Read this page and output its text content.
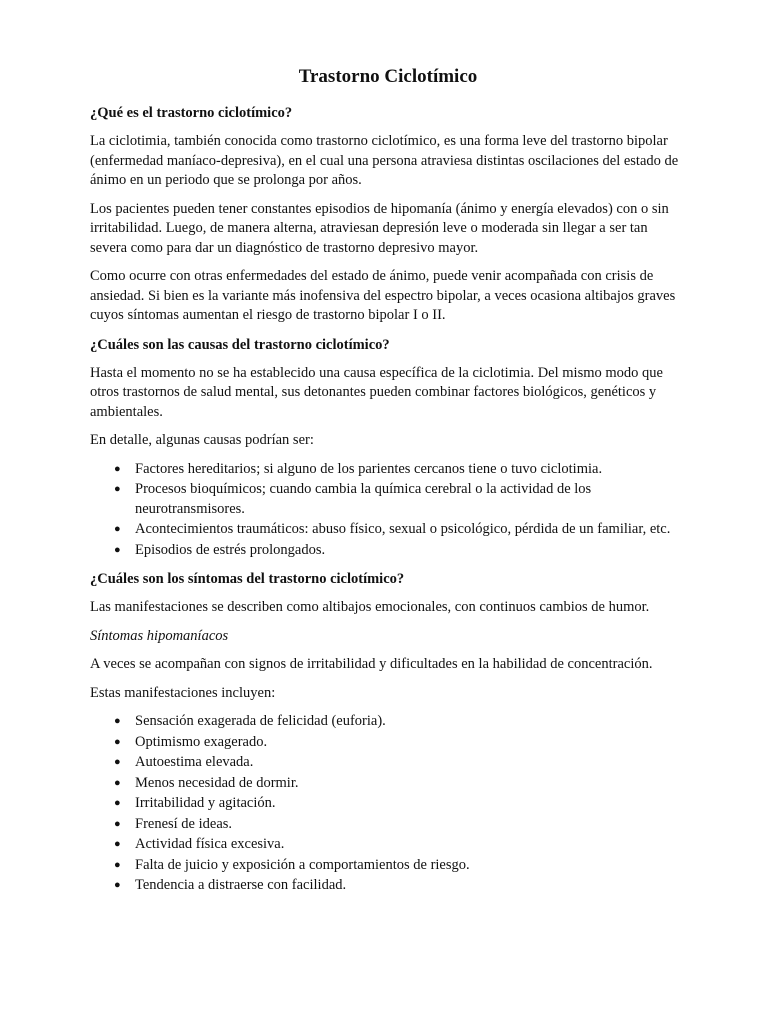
Trastorno Ciclotímico
¿Qué es el trastorno ciclotímico?

La ciclotimia, también conocida como trastorno ciclotímico, es una forma leve del trastorno bipolar (enfermedad maníaco-depresiva), en el cual una persona atraviesa distintas oscilaciones del estado de ánimo en un periodo que se prolonga por años.

Los pacientes pueden tener constantes episodios de hipomanía (ánimo y energía elevados) con o sin irritabilidad. Luego, de manera alterna, atraviesan depresión leve o moderada sin llegar a ser tan severa como para dar un diagnóstico de trastorno depresivo mayor.

Como ocurre con otras enfermedades del estado de ánimo, puede venir acompañada con crisis de ansiedad. Si bien es la variante más inofensiva del espectro bipolar, a veces ocasiona altibajos graves cuyos síntomas aumentan el riesgo de trastorno bipolar I o II.

¿Cuáles son las causas del trastorno ciclotímico?

Hasta el momento no se ha establecido una causa específica de la ciclotimia. Del mismo modo que otros trastornos de salud mental, sus detonantes pueden combinar factores biológicos, genéticos y ambientales.

En detalle, algunas causas podrían ser:

● Factores hereditarios; si alguno de los parientes cercanos tiene o tuvo ciclotimia.
● Procesos bioquímicos; cuando cambia la química cerebral o la actividad de los neurotransmisores.
● Acontecimientos traumáticos: abuso físico, sexual o psicológico, pérdida de un familiar, etc.
● Episodios de estrés prolongados.
¿Cuáles son los síntomas del trastorno ciclotímico?

Las manifestaciones se describen como altibajos emocionales, con continuos cambios de humor.

Síntomas hipomaníacos

A veces se acompañan con signos de irritabilidad y dificultades en la habilidad de concentración.

Estas manifestaciones incluyen:

● Sensación exagerada de felicidad (euforia).
● Optimismo exagerado.
● Autoestima elevada.
● Menos necesidad de dormir.
● Irritabilidad y agitación.
● Frenesí de ideas.
● Actividad física excesiva.
● Falta de juicio y exposición a comportamientos de riesgo.
● Tendencia a distraerse con facilidad.
